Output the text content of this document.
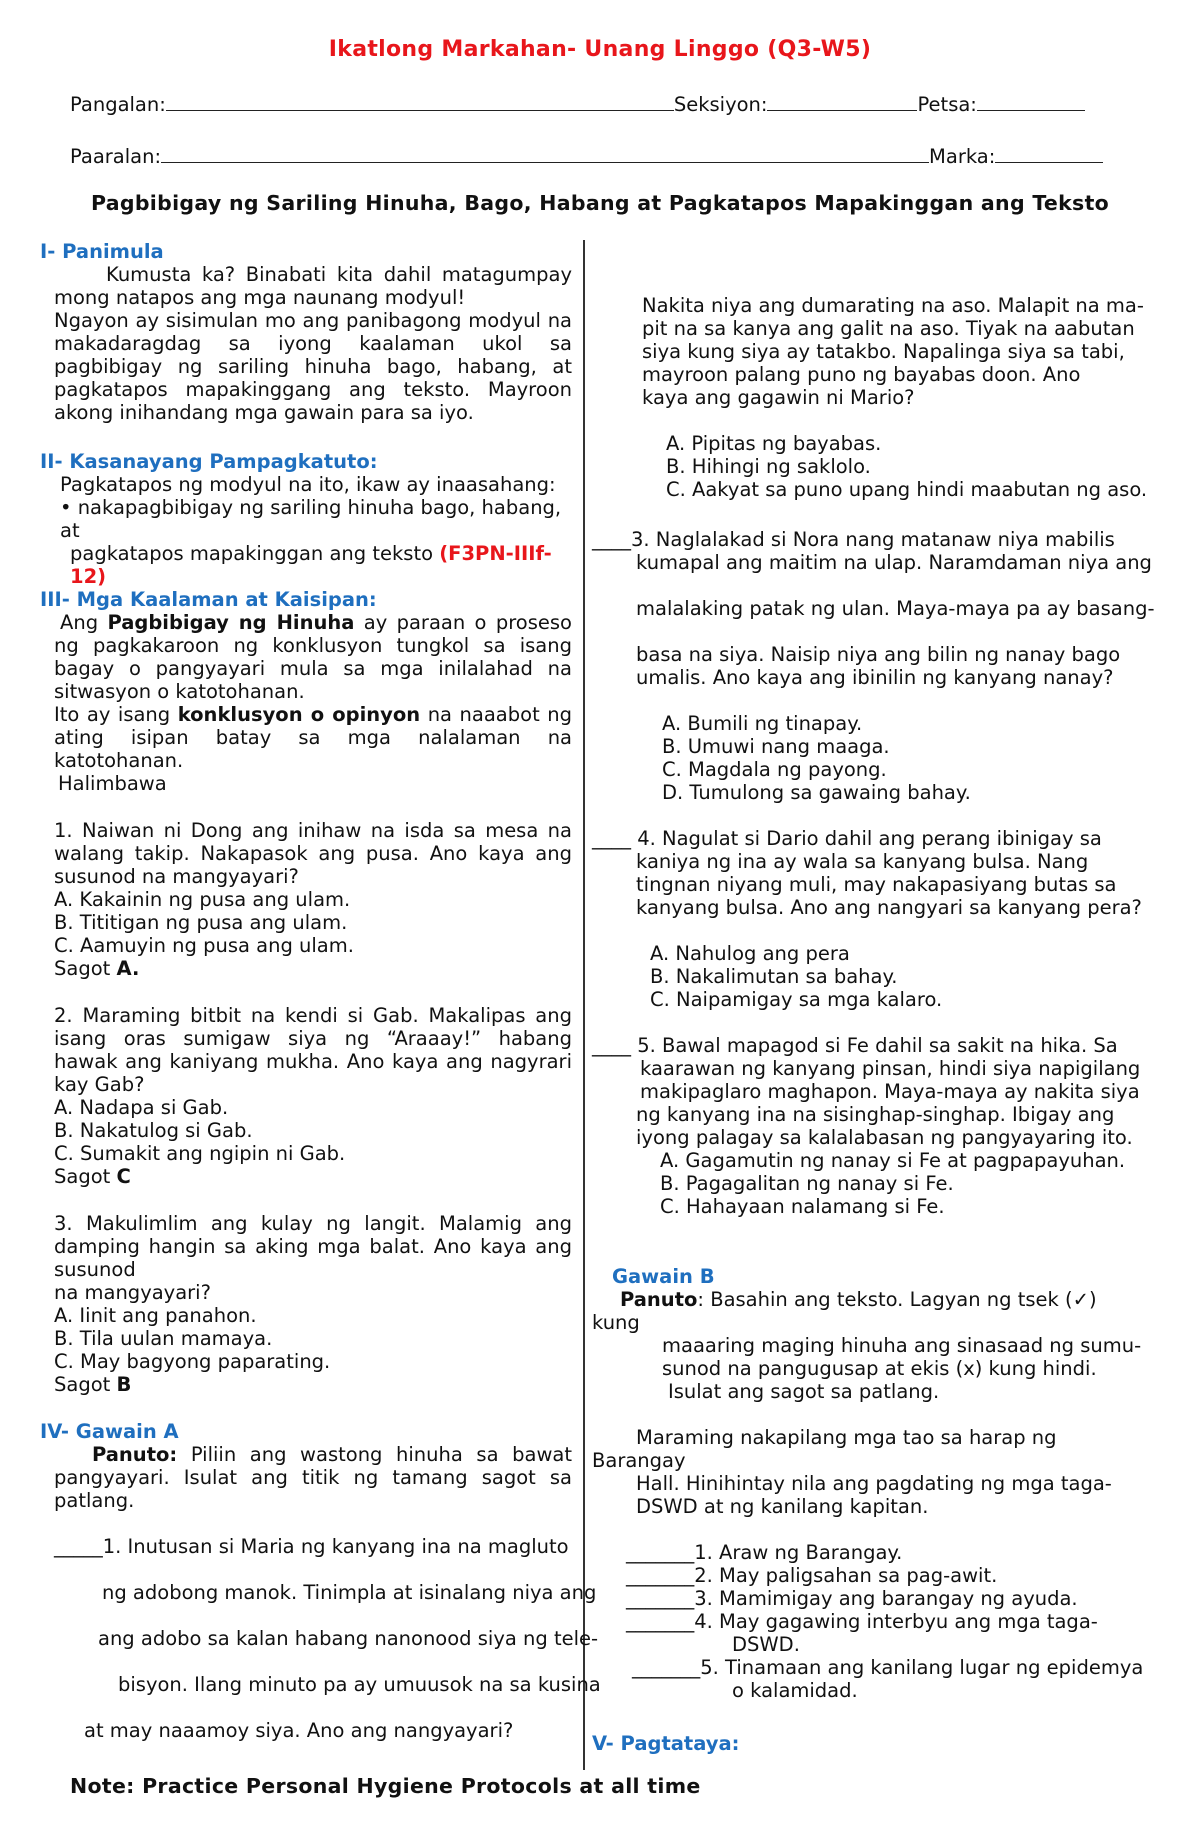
Ikatlong Markahan- Unang Linggo (Q3-W5)
Pangalan:	Seksiyon:	Petsa:
Paaralan:	Marka:
Pagbibigay ng Sariling Hinuha, Bago, Habang at Pagkatapos Mapakinggan ang Teksto
I- Panimula
Kumusta ka? Binabati kita dahil matagumpay mong natapos ang mga naunang modyul!
Ngayon ay sisimulan mo ang panibagong modyul na makadaragdag sa iyong kaalaman ukol sa pagbibigay ng sariling hinuha bago, habang, at pagkatapos mapakinggang ang teksto. Mayroon akong inihandang mga gawain para sa iyo.
II- Kasanayang Pampagkatuto:
Pagkatapos ng modyul na ito, ikaw ay inaasahang:
• nakapagbibigay ng sariling hinuha bago, habang, at
pagkatapos mapakinggan ang teksto (F3PN-IIIf-12)
III- Mga Kaalaman at Kaisipan:
Ang Pagbibigay ng Hinuha ay paraan o proseso ng pagkakaroon ng konklusyon tungkol sa isang bagay o pangyayari mula sa mga inilalahad na sitwasyon o katotohanan.
Ito ay isang konklusyon o opinyon na naaabot ng ating isipan batay sa mga nalalaman na katotohanan.
Halimbawa
1. Naiwan ni Dong ang inihaw na isda sa mesa na walang takip. Nakapasok ang pusa. Ano kaya ang susunod na mangyayari?
A. Kakainin ng pusa ang ulam.
B. Tititigan ng pusa ang ulam.
C. Aamuyin ng pusa ang ulam.
Sagot A.
2. Maraming bitbit na kendi si Gab. Makalipas ang isang oras sumigaw siya ng “Araaay!” habang hawak ang kaniyang mukha. Ano kaya ang nagyrari kay Gab?
A. Nadapa si Gab.
B. Nakatulog si Gab.
C. Sumakit ang ngipin ni Gab.
Sagot C
3. Makulimlim ang kulay ng langit. Malamig ang damping hangin sa aking mga balat. Ano kaya ang susunod
na mangyayari?
A. Iinit ang panahon.
B. Tila uulan mamaya.
C. May bagyong paparating.
Sagot B
IV- Gawain A
Panuto: Piliin ang wastong hinuha sa bawat pangyayari. Isulat ang titik ng tamang sagot sa patlang.
_____1. Inutusan si Maria ng kanyang ina na magluto
ng adobong manok. Tinimpla at isinalang niya ang
ang adobo sa kalan habang nanonood siya ng tele-
bisyon. Ilang minuto pa ay umuusok na sa kusina
at may naaamoy siya. Ano ang nangyayari?
Nakita niya ang dumarating na aso. Malapit na ma-
pit na sa kanya ang galit na aso. Tiyak na aabutan
siya kung siya ay tatakbo. Napalinga siya sa tabi,
mayroon palang puno ng bayabas doon. Ano
kaya ang gagawin ni Mario?
A. Pipitas ng bayabas.
B. Hihingi ng saklolo.
C. Aakyat sa puno upang hindi maabutan ng aso.
____3. Naglalakad si Nora nang matanaw niya mabilis
kumapal ang maitim na ulap. Naramdaman niya ang
malalaking patak ng ulan. Maya-maya pa ay basang-
basa na siya. Naisip niya ang bilin ng nanay bago
umalis. Ano kaya ang ibinilin ng kanyang nanay?
A. Bumili ng tinapay.
B. Umuwi nang maaga.
C. Magdala ng payong.
D. Tumulong sa gawaing bahay.
____ 4. Nagulat si Dario dahil ang perang ibinigay sa
kaniya ng ina ay wala sa kanyang bulsa. Nang
tingnan niyang muli, may nakapasiyang butas sa
kanyang bulsa. Ano ang nangyari sa kanyang pera?
A. Nahulog ang pera
B. Nakalimutan sa bahay.
C. Naipamigay sa mga kalaro.
____ 5. Bawal mapagod si Fe dahil sa sakit na hika. Sa
kaarawan ng kanyang pinsan, hindi siya napigilang
makipaglaro maghapon. Maya-maya ay nakita siya
ng kanyang ina na sisinghap-singhap. Ibigay ang
iyong palagay sa kalalabasan ng pangyayaring ito.
A. Gagamutin ng nanay si Fe at pagpapayuhan.
B. Pagagalitan ng nanay si Fe.
C. Hahayaan nalamang si Fe.
Gawain B
Panuto: Basahin ang teksto. Lagyan ng tsek (✓) kung
maaaring maging hinuha ang sinasaad ng sumu-
sunod na pangugusap at ekis (x) kung hindi.
Isulat ang sagot sa patlang.
Maraming nakapilang mga tao sa harap ng Barangay
Hall. Hinihintay nila ang pagdating ng mga taga-
DSWD at ng kanilang kapitan.
_______1. Araw ng Barangay.
_______2. May paligsahan sa pag-awit.
_______3. Mamimigay ang barangay ng ayuda.
_______4. May gagawing interbyu ang mga taga-
DSWD.
_______5. Tinamaan ang kanilang lugar ng epidemya
o kalamidad.
V- Pagtataya:
Note: Practice Personal Hygiene Protocols at all time
